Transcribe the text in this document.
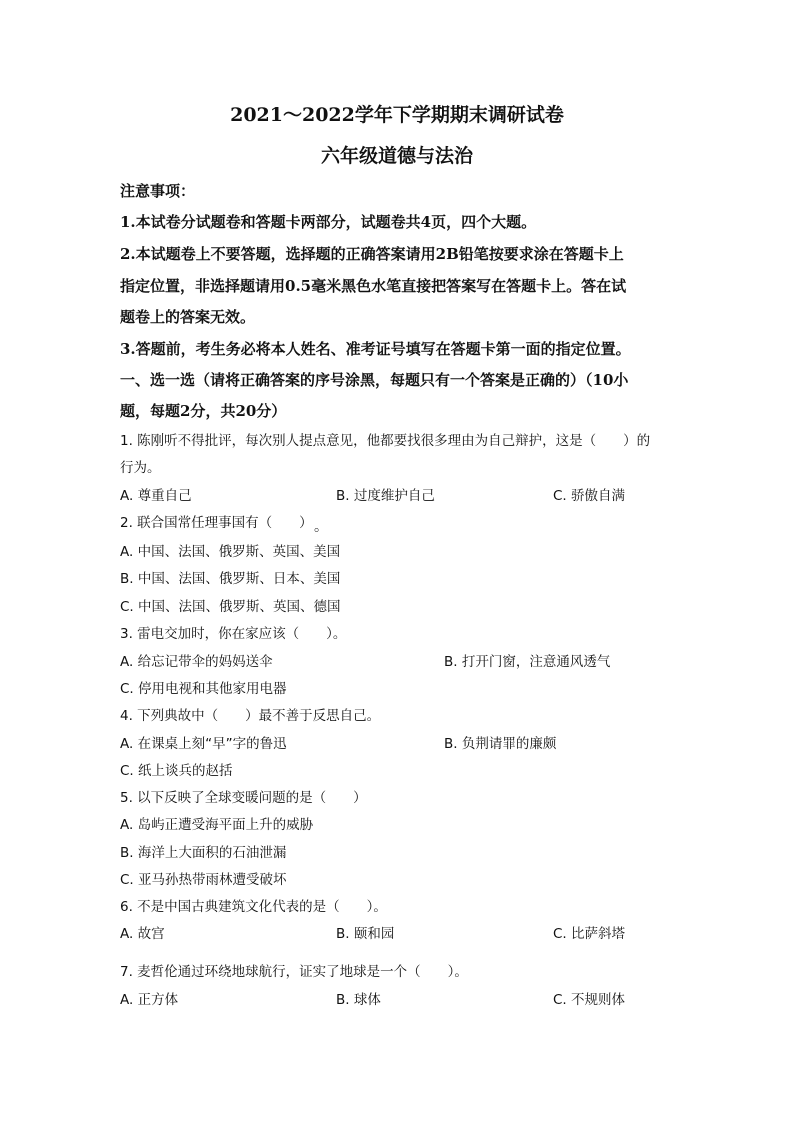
2021～2022学年下学期期末调研试卷
六年级道德与法治
注意事项：
1.本试卷分试题卷和答题卡两部分，试题卷共4页，四个大题。
2.本试题卷上不要答题，选择题的正确答案请用2B铅笔按要求涂在答题卡上
指定位置，非选择题请用0.5毫米黑色水笔直接把答案写在答题卡上。答在试
题卷上的答案无效。
3.答题前，考生务必将本人姓名、准考证号填写在答题卡第一面的指定位置。
一、选一选（请将正确答案的序号涂黑，每题只有一个答案是正确的）（10小
题，每题2分，共20分）
1. 陈刚听不得批评，每次别人提点意见，他都要找很多理由为自己辩护，这是（　　）的
行为。
A. 尊重自己	B. 过度维护自己	C. 骄傲自满
2. 联合国常任理事国有（　　） 。
A. 中国、法国、俄罗斯、英国、美国
B. 中国、法国、俄罗斯、日本、美国
C. 中国、法国、俄罗斯、英国、德国
3. 雷电交加时，你在家应该（　　）。
A. 给忘记带伞的妈妈送伞	B. 打开门窗，注意通风透气
C. 停用电视和其他家用电器
4. 下列典故中（　　）最不善于反思自己。
A. 在课桌上刻“早”字的鲁迅	B. 负荆请罪的廉颇
C. 纸上谈兵的赵括
5. 以下反映了全球变暖问题的是（　　）
A. 岛屿正遭受海平面上升的威胁
B. 海洋上大面积的石油泄漏
C. 亚马孙热带雨林遭受破坏
6. 不是中国古典建筑文化代表的是（　　）。
A. 故宫	B. 颐和园	C. 比萨斜塔
7. 麦哲伦通过环绕地球航行，证实了地球是一个（　　）。
A. 正方体	B. 球体	C. 不规则体
